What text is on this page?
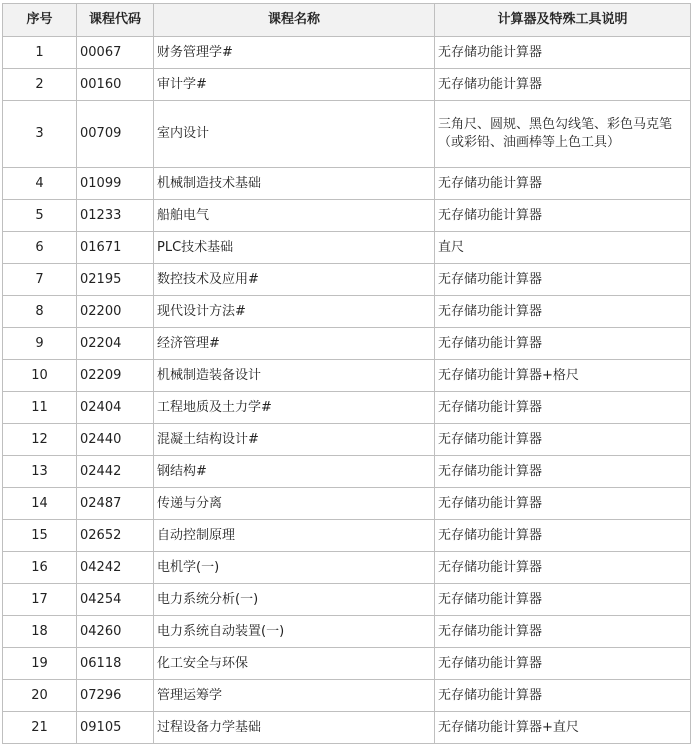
序号	课程代码	课程名称	计算器及特殊工具说明
1	00067	财务管理学#	无存储功能计算器
2	00160	审计学#	无存储功能计算器
3	00709	室内设计	三角尺、圆规、黑色勾线笔、彩色马克笔（或彩铅、油画棒等上色工具）
4	01099	机械制造技术基础	无存储功能计算器
5	01233	船舶电气	无存储功能计算器
6	01671	PLC技术基础	直尺
7	02195	数控技术及应用#	无存储功能计算器
8	02200	现代设计方法#	无存储功能计算器
9	02204	经济管理#	无存储功能计算器
10	02209	机械制造装备设计	无存储功能计算器+格尺
11	02404	工程地质及土力学#	无存储功能计算器
12	02440	混凝土结构设计#	无存储功能计算器
13	02442	钢结构#	无存储功能计算器
14	02487	传递与分离	无存储功能计算器
15	02652	自动控制原理	无存储功能计算器
16	04242	电机学(一)	无存储功能计算器
17	04254	电力系统分析(一)	无存储功能计算器
18	04260	电力系统自动装置(一)	无存储功能计算器
19	06118	化工安全与环保	无存储功能计算器
20	07296	管理运筹学	无存储功能计算器
21	09105	过程设备力学基础	无存储功能计算器+直尺
